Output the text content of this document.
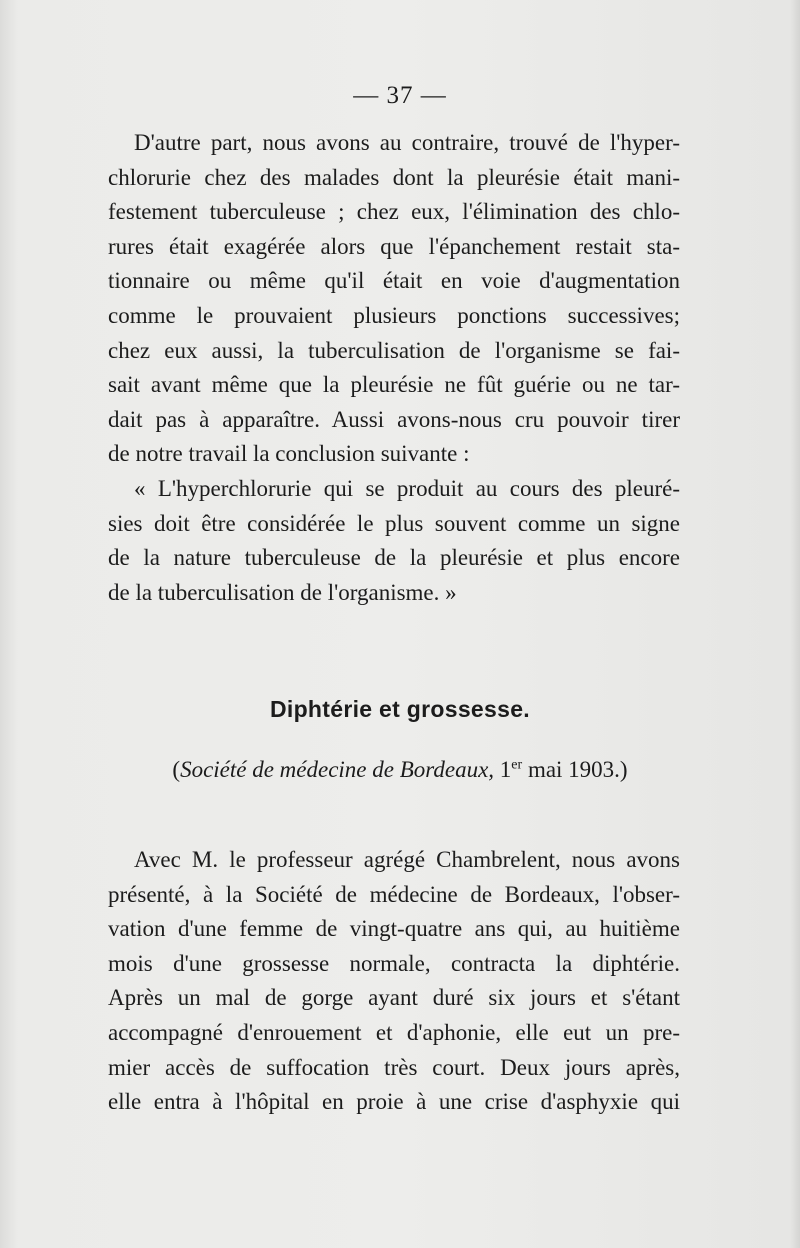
— 37 —
D'autre part, nous avons au contraire, trouvé de l'hyper-
chlorurie chez des malades dont la pleurésie était mani-
festement tuberculeuse ; chez eux, l'élimination des chlo-
rures était exagérée alors que l'épanchement restait sta-
tionnaire ou même qu'il était en voie d'augmentation
comme le prouvaient plusieurs ponctions successives;
chez eux aussi, la tuberculisation de l'organisme se fai-
sait avant même que la pleurésie ne fût guérie ou ne tar-
dait pas à apparaître. Aussi avons-nous cru pouvoir tirer
de notre travail la conclusion suivante :
« L'hyperchlorurie qui se produit au cours des pleuré-
sies doit être considérée le plus souvent comme un signe
de la nature tuberculeuse de la pleurésie et plus encore
de la tuberculisation de l'organisme. »
Diphtérie et grossesse.
(Société de médecine de Bordeaux, 1er mai 1903.)
Avec M. le professeur agrégé Chambrelent, nous avons
présenté, à la Société de médecine de Bordeaux, l'obser-
vation d'une femme de vingt-quatre ans qui, au huitième
mois d'une grossesse normale, contracta la diphtérie.
Après un mal de gorge ayant duré six jours et s'étant
accompagné d'enrouement et d'aphonie, elle eut un pre-
mier accès de suffocation très court. Deux jours après,
elle entra à l'hôpital en proie à une crise d'asphyxie qui
